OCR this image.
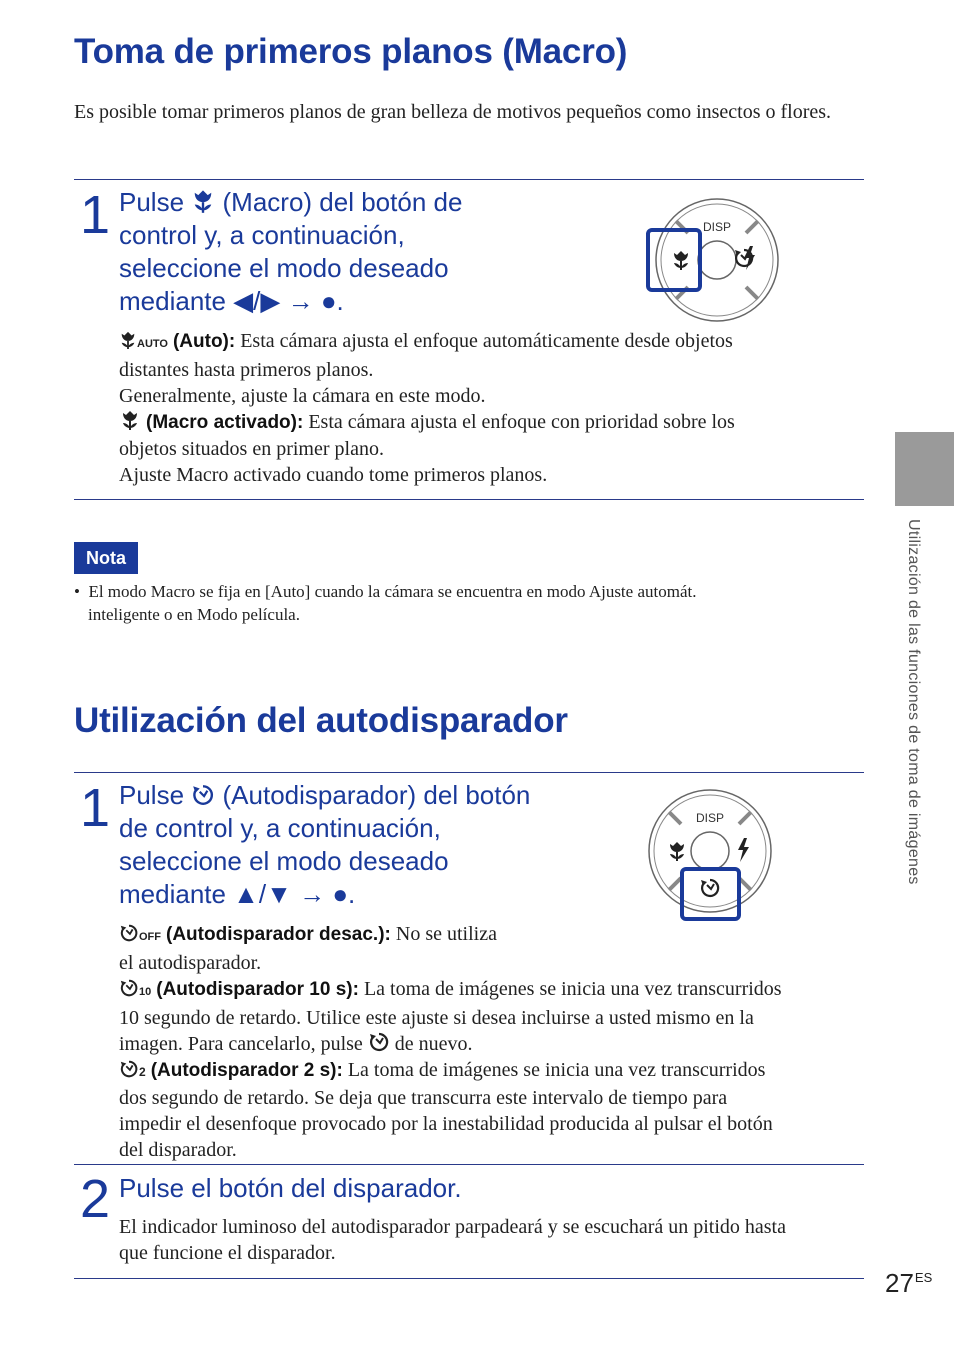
Toma de primeros planos (Macro)
Es posible tomar primeros planos de gran belleza de motivos pequeños como insectos o flores.
1 Pulse (Macro) del botón de
control y, a continuación,
seleccione el modo deseado
mediante ◀/▶ → ●.
DISP
AUTO (Auto): Esta cámara ajusta el enfoque automáticamente desde objetos
distantes hasta primeros planos.
Generalmente, ajuste la cámara en este modo.
(Macro activado): Esta cámara ajusta el enfoque con prioridad sobre los
objetos situados en primer plano.
Ajuste Macro activado cuando tome primeros planos.
Nota
•  El modo Macro se fija en [Auto] cuando la cámara se encuentra en modo Ajuste automát.
inteligente o en Modo película.
Utilización del autodisparador
1 Pulse (Autodisparador) del botón
de control y, a continuación,
seleccione el modo deseado
mediante ▲/▼ → ●.
DISP
OFF (Autodisparador desac.): No se utiliza
el autodisparador.
10 (Autodisparador 10 s): La toma de imágenes se inicia una vez transcurridos
10 segundo de retardo. Utilice este ajuste si desea incluirse a usted mismo en la
imagen. Para cancelarlo, pulse de nuevo.
2 (Autodisparador 2 s): La toma de imágenes se inicia una vez transcurridos
dos segundo de retardo. Se deja que transcurra este intervalo de tiempo para
impedir el desenfoque provocado por la inestabilidad producida al pulsar el botón
del disparador.
2 Pulse el botón del disparador.
El indicador luminoso del autodisparador parpadeará y se escuchará un pitido hasta
que funcione el disparador.
Utilización de las funciones de toma de imágenes
$27^{ES}$
